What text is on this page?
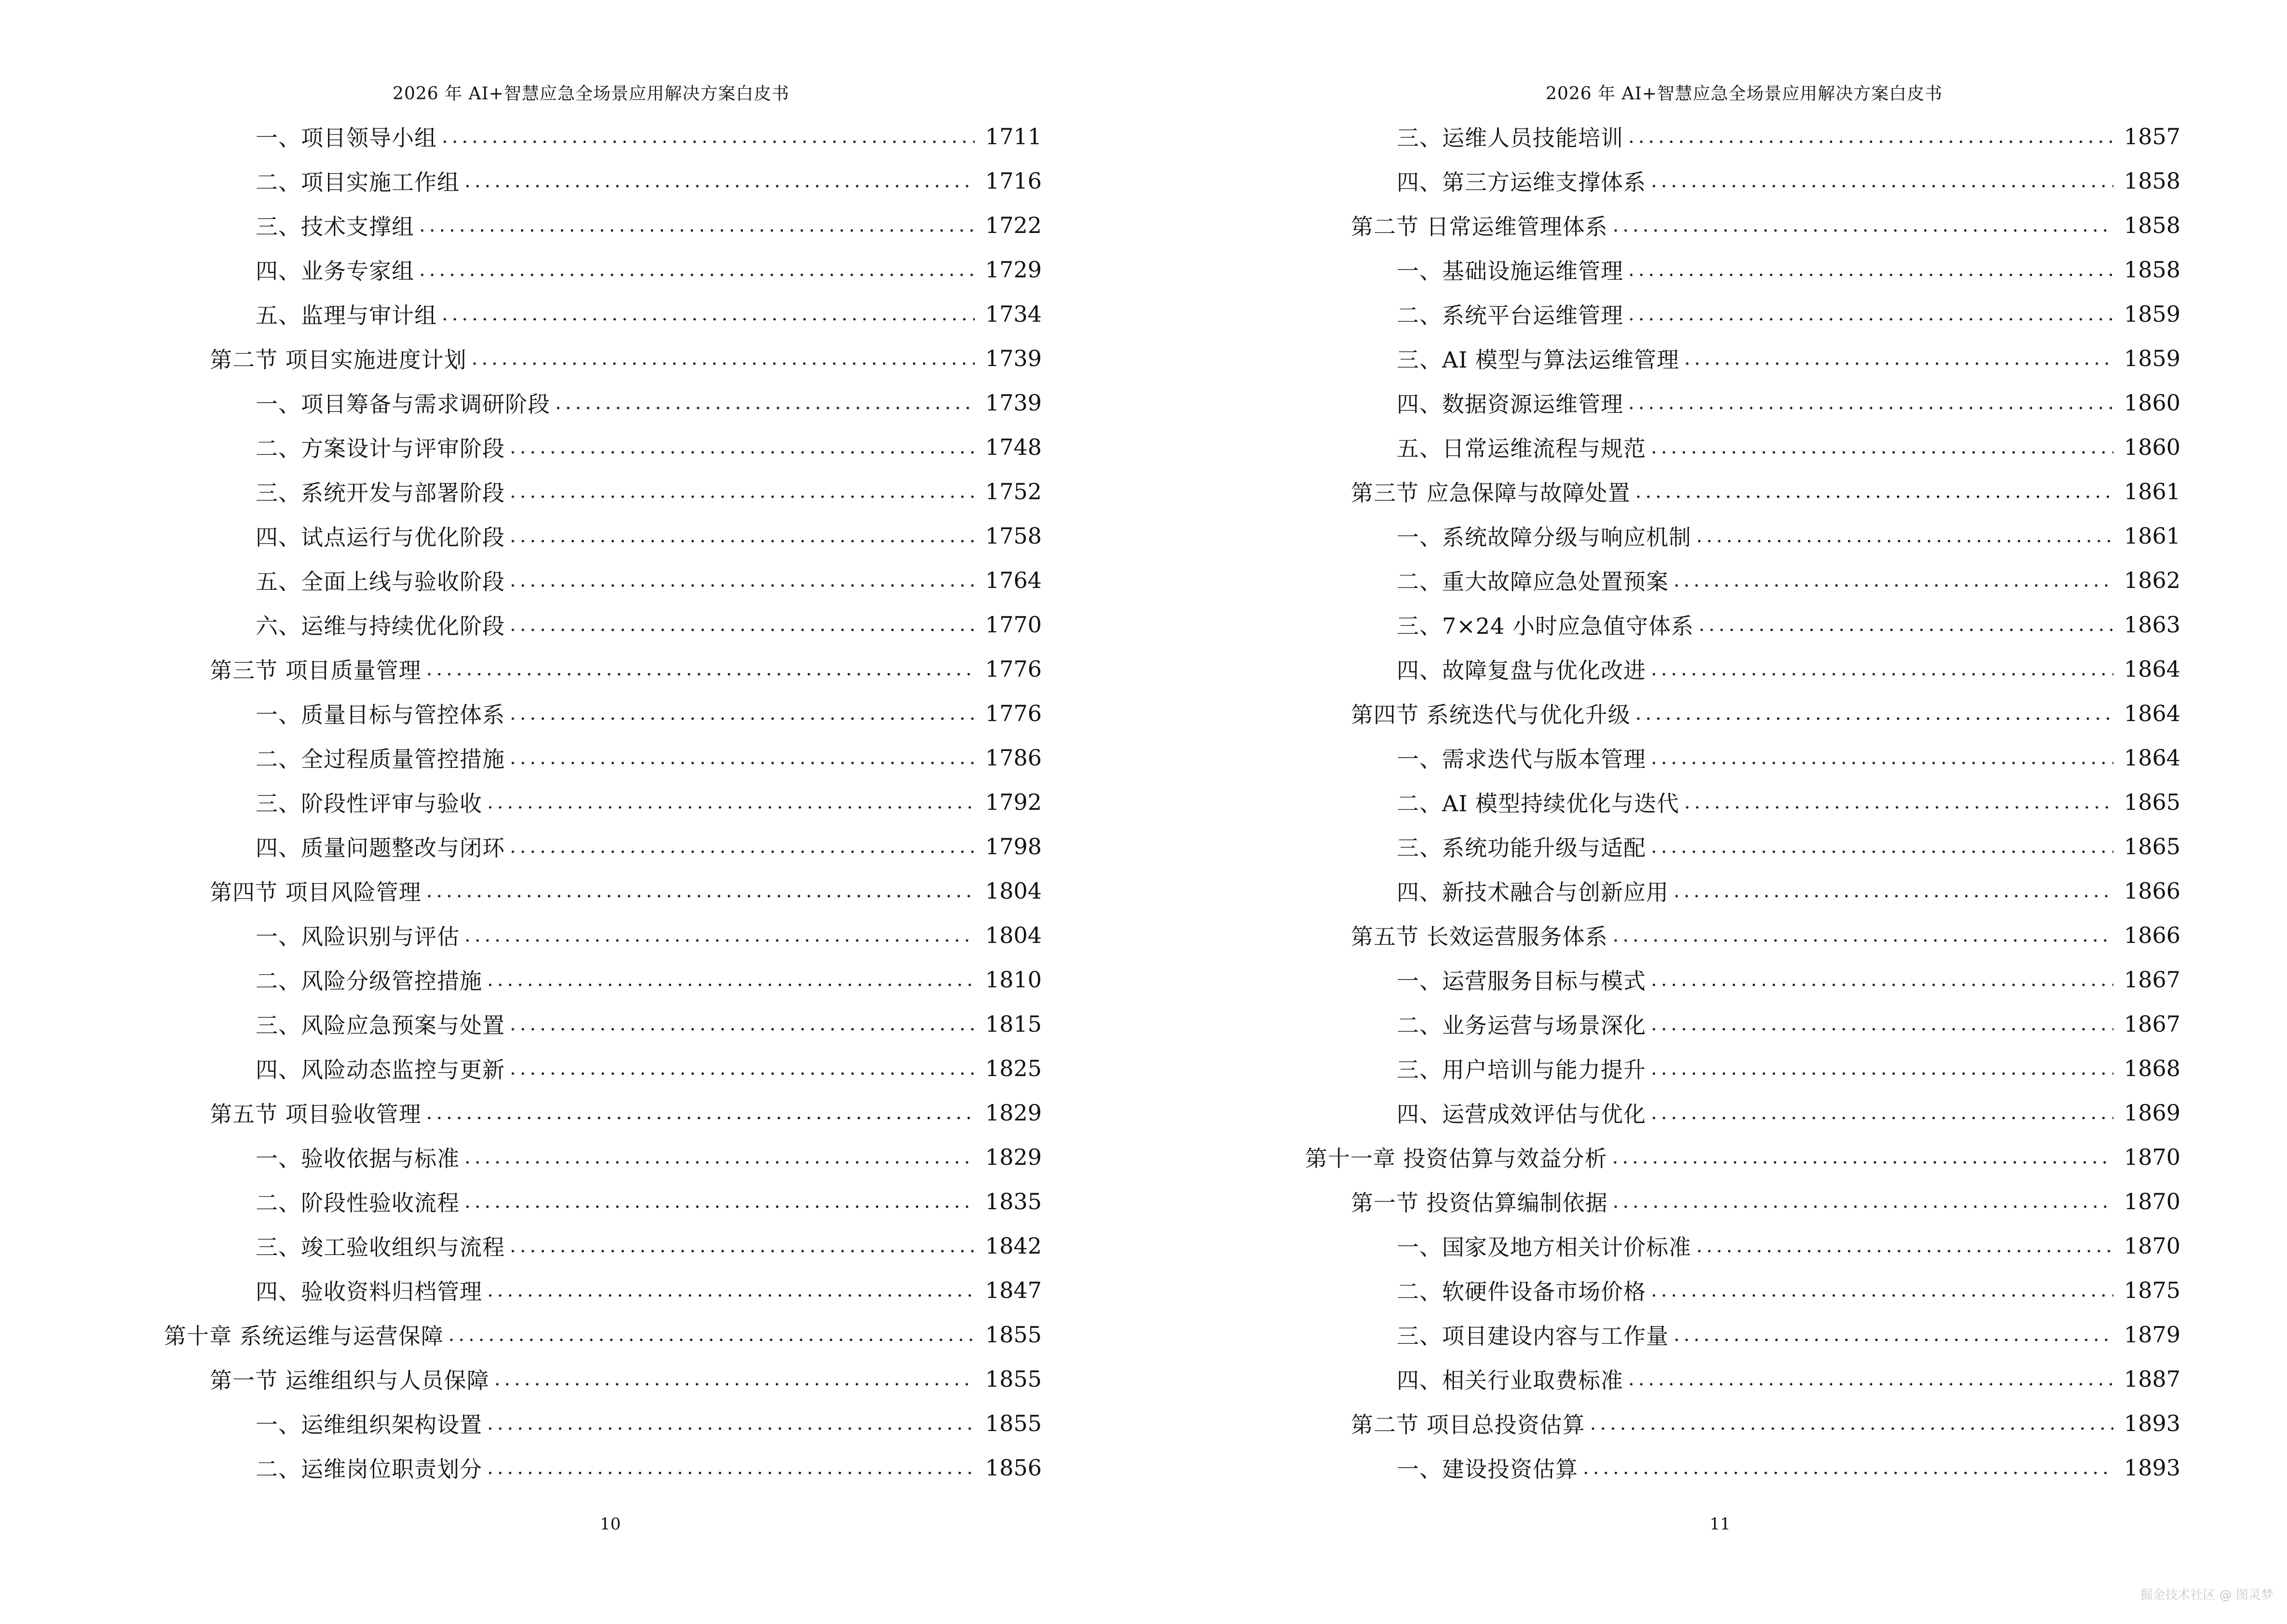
2026 年 AI+智慧应急全场景应用解决方案白皮书
一、项目领导小组 .....	1711
二、项目实施工作组 .....	1716
三、技术支撑组 .....	1722
四、业务专家组 .....	1729
五、监理与审计组 .....	1734
第二节 项目实施进度计划 .....	1739
一、项目筹备与需求调研阶段 .....	1739
二、方案设计与评审阶段 .....	1748
三、系统开发与部署阶段 .....	1752
四、试点运行与优化阶段 .....	1758
五、全面上线与验收阶段 .....	1764
六、运维与持续优化阶段 .....	1770
第三节 项目质量管理 .....	1776
一、质量目标与管控体系 .....	1776
二、全过程质量管控措施 .....	1786
三、阶段性评审与验收 .....	1792
四、质量问题整改与闭环 .....	1798
第四节 项目风险管理 .....	1804
一、风险识别与评估 .....	1804
二、风险分级管控措施 .....	1810
三、风险应急预案与处置 .....	1815
四、风险动态监控与更新 .....	1825
第五节 项目验收管理 .....	1829
一、验收依据与标准 .....	1829
二、阶段性验收流程 .....	1835
三、竣工验收组织与流程 .....	1842
四、验收资料归档管理 .....	1847
第十章 系统运维与运营保障 .....	1855
第一节 运维组织与人员保障 .....	1855
一、运维组织架构设置 .....	1855
二、运维岗位职责划分 .....	1856
10
2026 年 AI+智慧应急全场景应用解决方案白皮书
三、运维人员技能培训 .....	1857
四、第三方运维支撑体系 .....	1858
第二节 日常运维管理体系 .....	1858
一、基础设施运维管理 .....	1858
二、系统平台运维管理 .....	1859
三、AI 模型与算法运维管理 .....	1859
四、数据资源运维管理 .....	1860
五、日常运维流程与规范 .....	1860
第三节 应急保障与故障处置 .....	1861
一、系统故障分级与响应机制 .....	1861
二、重大故障应急处置预案 .....	1862
三、7×24 小时应急值守体系 .....	1863
四、故障复盘与优化改进 .....	1864
第四节 系统迭代与优化升级 .....	1864
一、需求迭代与版本管理 .....	1864
二、AI 模型持续优化与迭代 .....	1865
三、系统功能升级与适配 .....	1865
四、新技术融合与创新应用 .....	1866
第五节 长效运营服务体系 .....	1866
一、运营服务目标与模式 .....	1867
二、业务运营与场景深化 .....	1867
三、用户培训与能力提升 .....	1868
四、运营成效评估与优化 .....	1869
第十一章 投资估算与效益分析 .....	1870
第一节 投资估算编制依据 .....	1870
一、国家及地方相关计价标准 .....	1870
二、软硬件设备市场价格 .....	1875
三、项目建设内容与工作量 .....	1879
四、相关行业取费标准 .....	1887
第二节 项目总投资估算 .....	1893
一、建设投资估算 .....	1893
11
掘金技术社区 @ 图灵梦
